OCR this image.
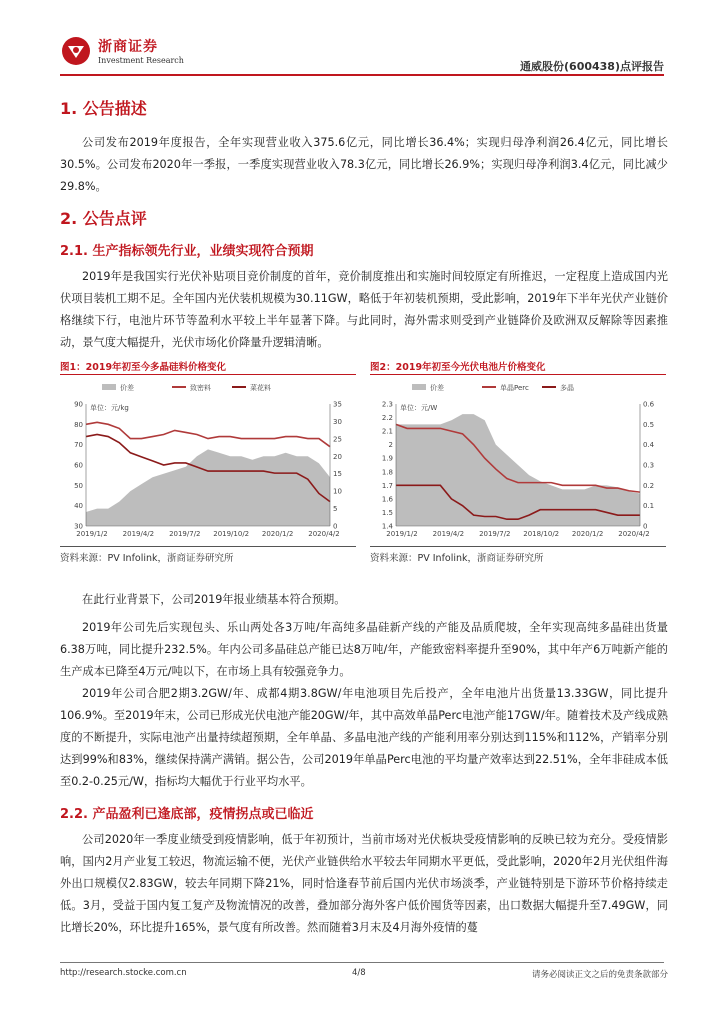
浙商证券
Investment Research	通威股份(600438)点评报告
1. 公告描述
公司发布2019年度报告，全年实现营业收入375.6亿元，同比增长36.4%；实现归母净利润26.4亿元，同比增长30.5%。公司发布2020年一季报，一季度实现营业收入78.3亿元，同比增长26.9%；实现归母净利润3.4亿元，同比减少29.8%。
2. 公告点评
2.1. 生产指标领先行业，业绩实现符合预期
2019年是我国实行光伏补贴项目竞价制度的首年，竞价制度推出和实施时间较原定有所推迟，一定程度上造成国内光伏项目装机工期不足。全年国内光伏装机规模为30.11GW，略低于年初装机预期，受此影响，2019年下半年光伏产业链价格继续下行，电池片环节等盈利水平较上半年显著下降。与此同时，海外需求则受到产业链降价及欧洲双反解除等因素推动，景气度大幅提升，光伏市场化价降量升逻辑清晰。
图1：2019年初至今多晶硅料价格变化
价差	致密料	菜花料
单位：元/kg
90
80
70
60
50
40
30
35
30
25
20
15
10
5
0
2019/1/2 2019/4/2 2019/7/2 2019/10/2 2020/1/2 2020/4/2
资料来源：PV Infolink，浙商证券研究所
图2：2019年初至今光伏电池片价格变化
价差	单晶Perc	多晶
单位：元/W
2.3
2.2
2.1
2
1.9
1.8
1.7
1.6
1.5
1.4
0.6
0.5
0.4
0.3
0.2
0.1
0
2019/1/2 2019/4/2 2019/7/2 2018/10/2 2020/1/2 2020/4/2
资料来源：PV Infolink，浙商证券研究所
在此行业背景下，公司2019年报业绩基本符合预期。
2019年公司先后实现包头、乐山两处各3万吨/年高纯多晶硅新产线的产能及品质爬坡，全年实现高纯多晶硅出货量6.38万吨，同比提升232.5%。年内公司多晶硅总产能已达8万吨/年，产能致密料率提升至90%，其中年产6万吨新产能的生产成本已降至4万元/吨以下，在市场上具有较强竞争力。
2019年公司合肥2期3.2GW/年、成都4期3.8GW/年电池项目先后投产，全年电池片出货量13.33GW，同比提升106.9%。至2019年末，公司已形成光伏电池产能20GW/年，其中高效单晶Perc电池产能17GW/年。随着技术及产线成熟度的不断提升，实际电池产出量持续超预期，全年单晶、多晶电池产线的产能利用率分别达到115%和112%，产销率分别达到99%和83%，继续保持满产满销。据公告，公司2019年单晶Perc电池的平均量产效率达到22.51%，全年非硅成本低至0.2-0.25元/W，指标均大幅优于行业平均水平。
2.2. 产品盈利已逢底部，疫情拐点或已临近
公司2020年一季度业绩受到疫情影响，低于年初预计，当前市场对光伏板块受疫情影响的反映已较为充分。受疫情影响，国内2月产业复工较迟，物流运输不便，光伏产业链供给水平较去年同期水平更低，受此影响，2020年2月光伏组件海外出口规模仅2.83GW，较去年同期下降21%，同时恰逢春节前后国内光伏市场淡季，产业链特别是下游环节价格持续走低。3月，受益于国内复工复产及物流情况的改善，叠加部分海外客户低价囤货等因素，出口数据大幅提升至7.49GW，同比增长20%，环比提升165%，景气度有所改善。然而随着3月末及4月海外疫情的蔓
http://research.stocke.com.cn	4/8	请务必阅读正文之后的免责条款部分
